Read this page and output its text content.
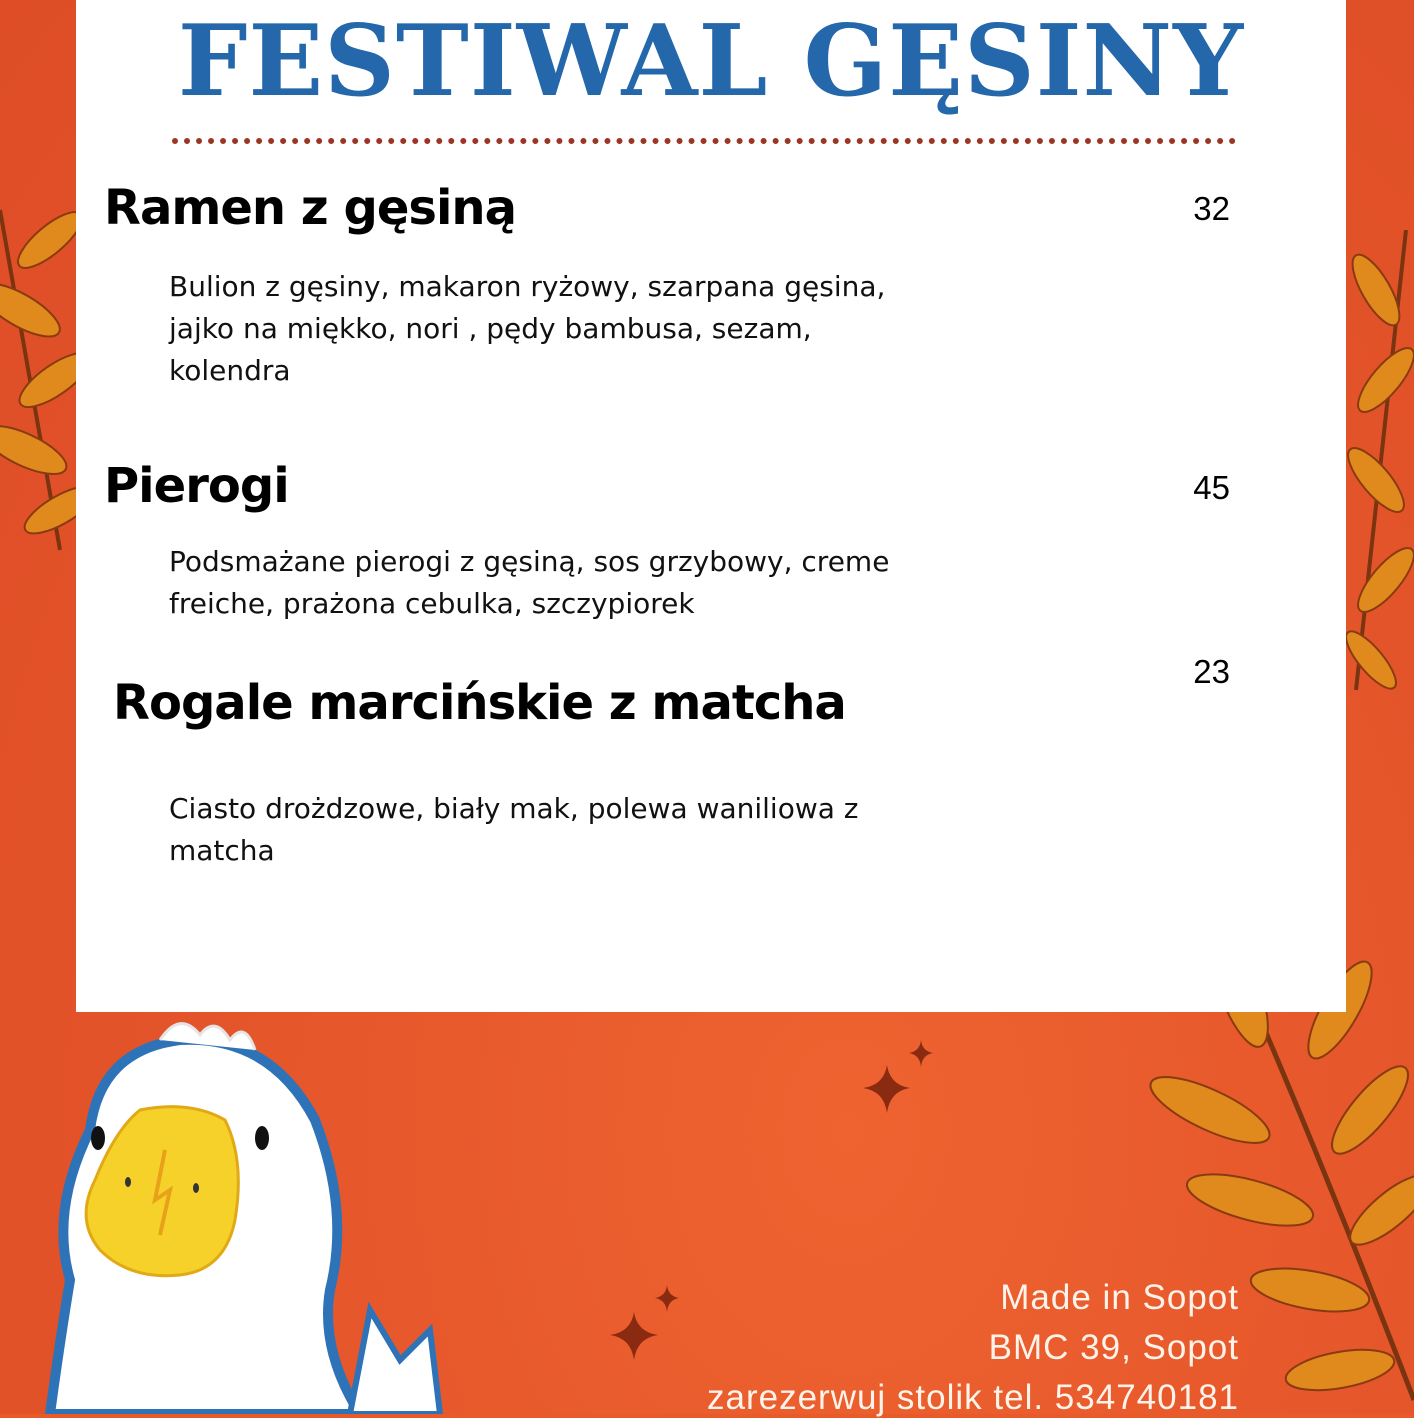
FESTIWAL GĘSINY
Ramen z gęsiną	32

Bulion z gęsiny, makaron ryżowy, szarpana gęsina, jajko na miękko, nori , pędy bambusa, sezam, kolendra

Pierogi	45

Podsmażane pierogi z gęsiną, sos grzybowy, creme freiche, prażona cebulka, szczypiorek

23

Rogale marcińskie z matcha

Ciasto drożdzowe, biały mak, polewa waniliowa z matcha

Made in Sopot

BMC 39, Sopot

zarezerwuj stolik tel. 534740181
